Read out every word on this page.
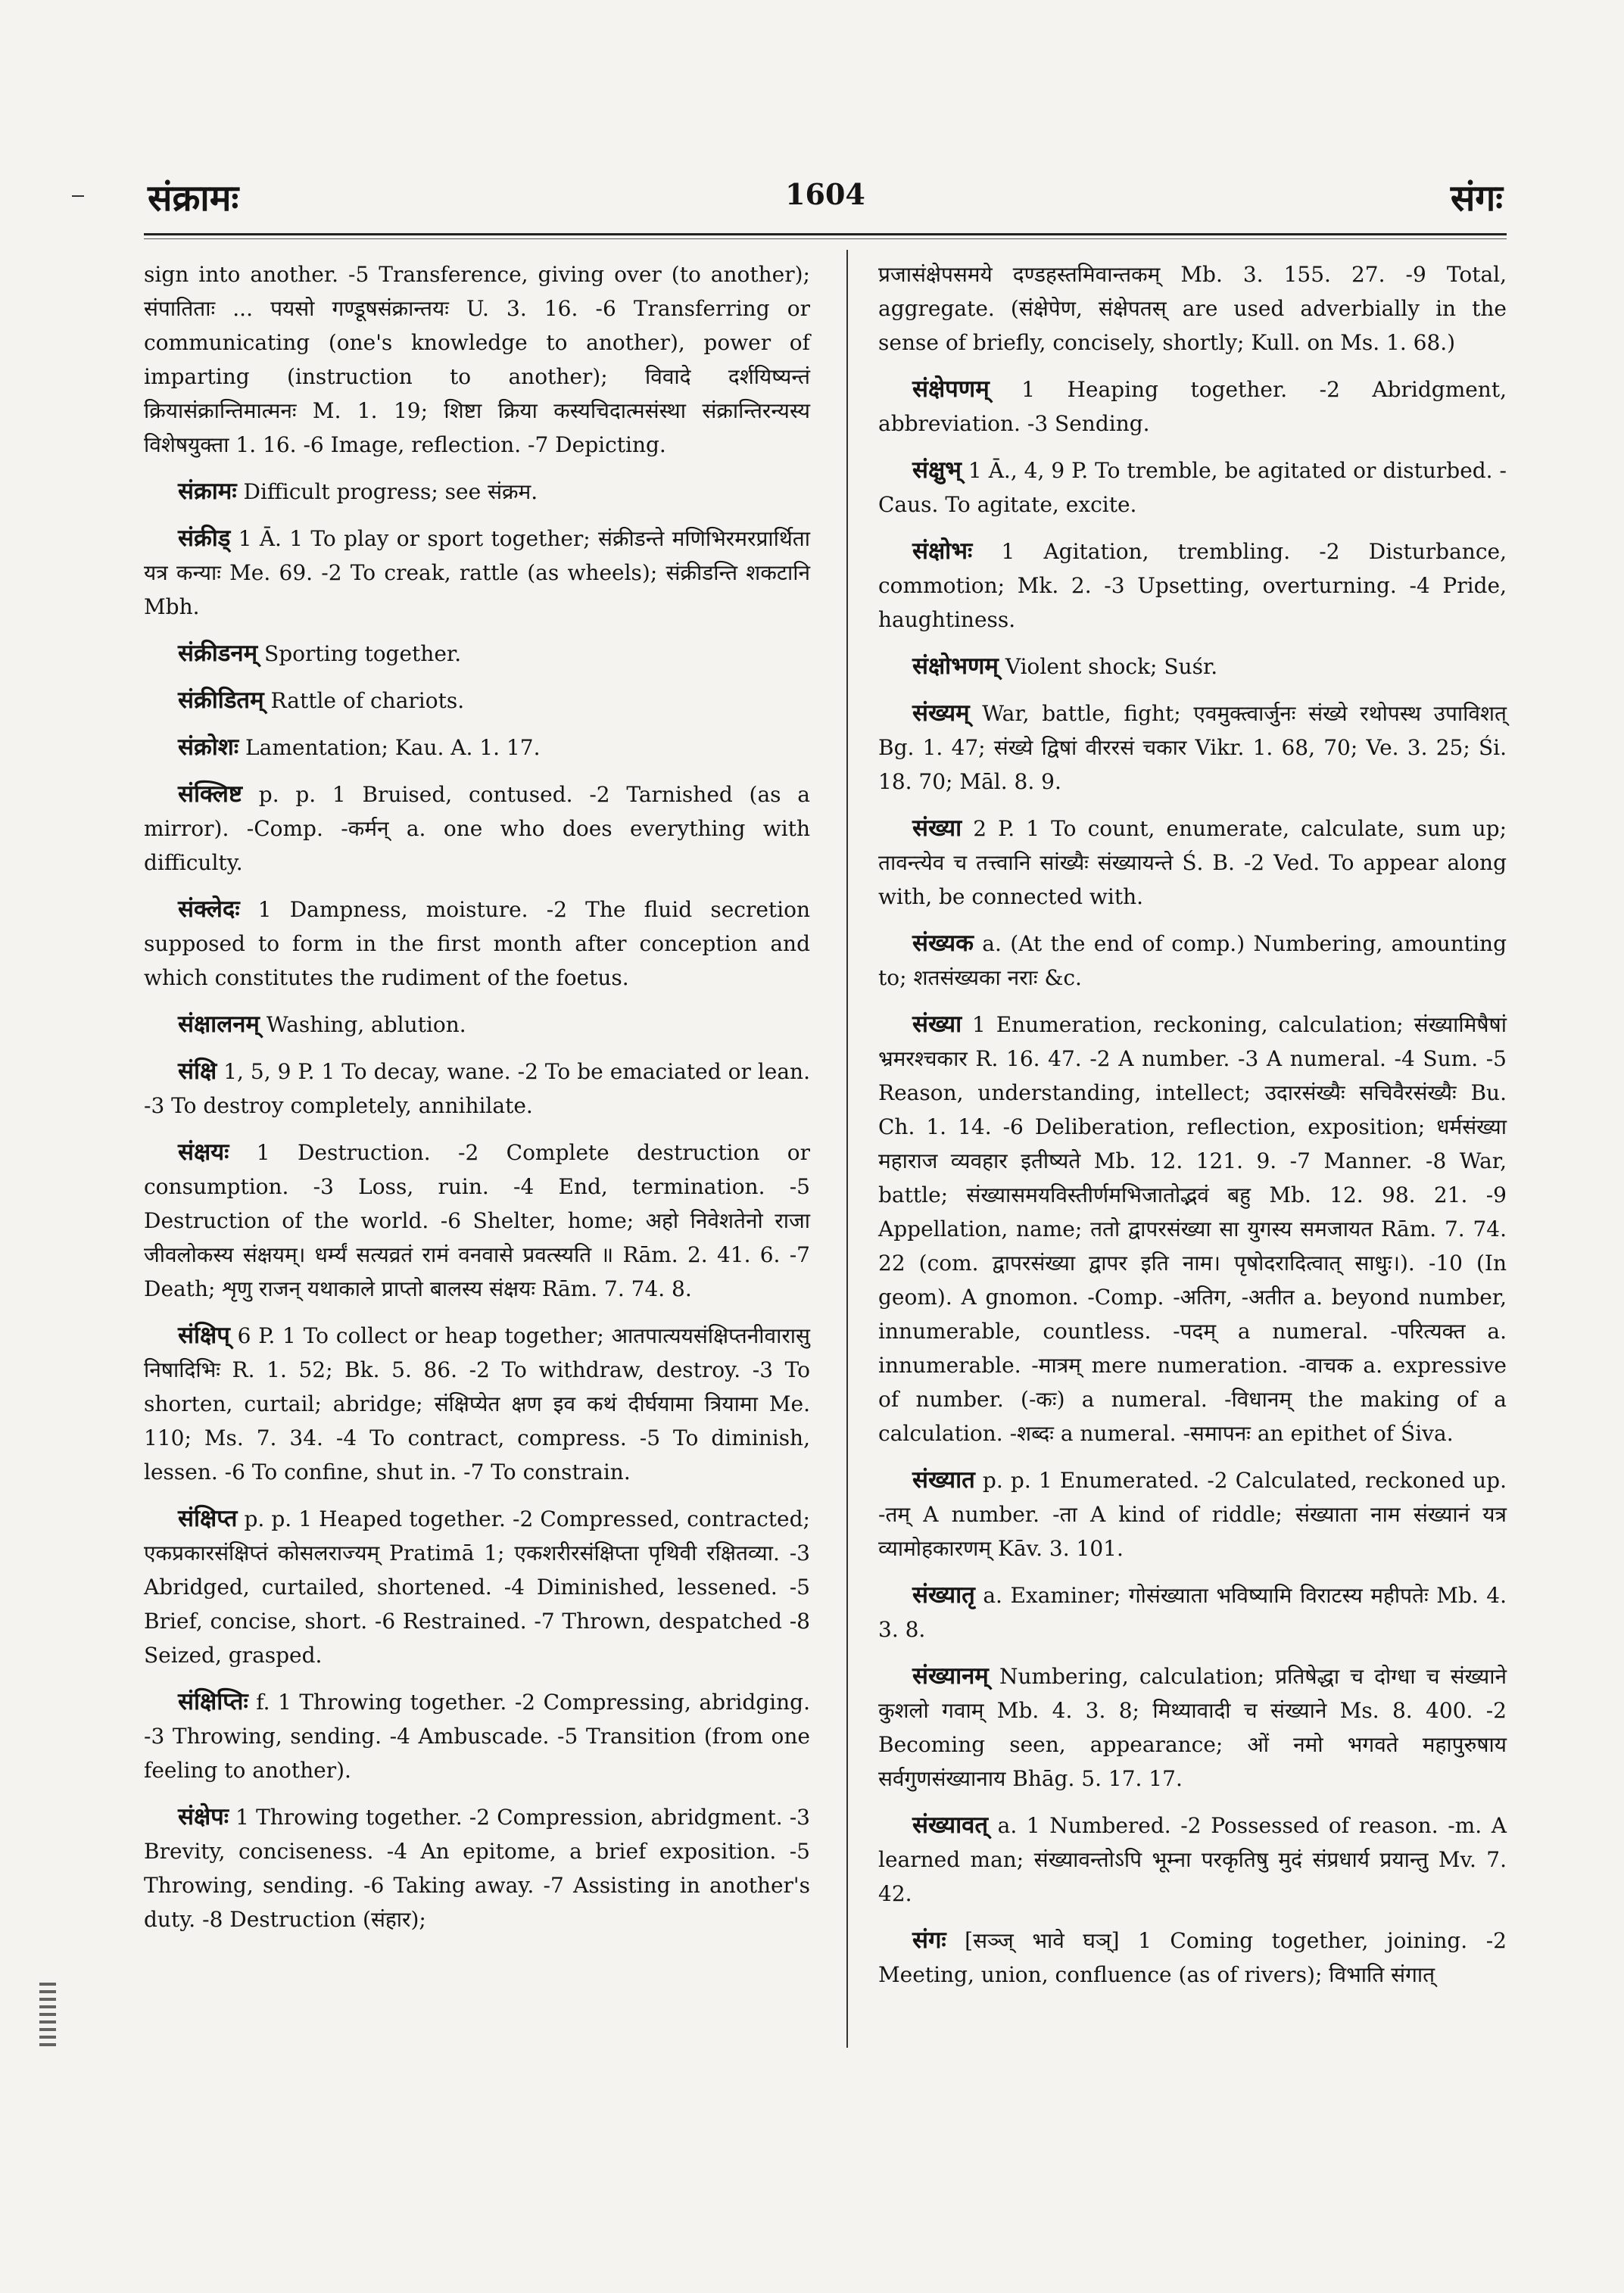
संक्रामः	1604	संगः

sign into another. -5 Transference, giving over (to another); संपातिताः ... पयसो गण्डूषसंक्रान्तयः U. 3. 16. -6 Transferring or communicating (one's knowledge to another), power of imparting (instruction to another); विवादे दर्शयिष्यन्तं क्रियासंक्रान्तिमात्मनः M. 1. 19; शिष्टा क्रिया कस्यचिदात्मसंस्था संक्रान्तिरन्यस्य विशेषयुक्ता 1. 16. -6 Image, reflection. -7 Depicting.

संक्रामः Difficult progress; see संक्रम.

संक्रीड् 1 Ā. 1 To play or sport together; संक्रीडन्ते मणिभिरमरप्रार्थिता यत्र कन्याः Me. 69. -2 To creak, rattle (as wheels); संक्रीडन्ति शकटानि Mbh.

संक्रीडनम् Sporting together.

संक्रीडितम् Rattle of chariots.

संक्रोशः Lamentation; Kau. A. 1. 17.

संक्लिष्ट p. p. 1 Bruised, contused. -2 Tarnished (as a mirror). -Comp. -कर्मन् a. one who does everything with difficulty.

संक्लेदः 1 Dampness, moisture. -2 The fluid secretion supposed to form in the first month after conception and which constitutes the rudiment of the foetus.

संक्षालनम् Washing, ablution.

संक्षि 1, 5, 9 P. 1 To decay, wane. -2 To be emaciated or lean. -3 To destroy completely, annihilate.

संक्षयः 1 Destruction. -2 Complete destruction or consumption. -3 Loss, ruin. -4 End, termination. -5 Destruction of the world. -6 Shelter, home; अहो निवेशतेनो राजा जीवलोकस्य संक्षयम्। धर्म्यं सत्यव्रतं रामं वनवासे प्रवत्स्यति ॥ Rām. 2. 41. 6. -7 Death; शृणु राजन् यथाकाले प्राप्तो बालस्य संक्षयः Rām. 7. 74. 8.

संक्षिप् 6 P. 1 To collect or heap together; आतपात्ययसंक्षिप्तनीवारासु निषादिभिः R. 1. 52; Bk. 5. 86. -2 To withdraw, destroy. -3 To shorten, curtail; abridge; संक्षिप्येत क्षण इव कथं दीर्घयामा त्रियामा Me. 110; Ms. 7. 34. -4 To contract, compress. -5 To diminish, lessen. -6 To confine, shut in. -7 To constrain.

संक्षिप्त p. p. 1 Heaped together. -2 Compressed, contracted; एकप्रकारसंक्षिप्तं कोसलराज्यम् Pratimā 1; एकशरीरसंक्षिप्ता पृथिवी रक्षितव्या. -3 Abridged, curtailed, shortened. -4 Diminished, lessened. -5 Brief, concise, short. -6 Restrained. -7 Thrown, despatched -8 Seized, grasped.

संक्षिप्तिः f. 1 Throwing together. -2 Compressing, abridging. -3 Throwing, sending. -4 Ambuscade. -5 Transition (from one feeling to another).

संक्षेपः 1 Throwing together. -2 Compression, abridgment. -3 Brevity, conciseness. -4 An epitome, a brief exposition. -5 Throwing, sending. -6 Taking away. -7 Assisting in another's duty. -8 Destruction (संहार);

प्रजासंक्षेपसमये दण्डहस्तमिवान्तकम् Mb. 3. 155. 27. -9 Total, aggregate. (संक्षेपेण, संक्षेपतस् are used adverbially in the sense of briefly, concisely, shortly; Kull. on Ms. 1. 68.)

संक्षेपणम् 1 Heaping together. -2 Abridgment, abbreviation. -3 Sending.

संक्षुभ् 1 Ā., 4, 9 P. To tremble, be agitated or disturbed. -Caus. To agitate, excite.

संक्षोभः 1 Agitation, trembling. -2 Disturbance, commotion; Mk. 2. -3 Upsetting, overturning. -4 Pride, haughtiness.

संक्षोभणम् Violent shock; Suśr.

संख्यम् War, battle, fight; एवमुक्त्वार्जुनः संख्ये रथोपस्थ उपाविशत् Bg. 1. 47; संख्ये द्विषां वीररसं चकार Vikr. 1. 68, 70; Ve. 3. 25; Śi. 18. 70; Māl. 8. 9.

संख्या 2 P. 1 To count, enumerate, calculate, sum up; तावन्त्येव च तत्त्वानि सांख्यैः संख्यायन्ते Ś. B. -2 Ved. To appear along with, be connected with.

संख्यक a. (At the end of comp.) Numbering, amounting to; शतसंख्यका नराः &c.

संख्या 1 Enumeration, reckoning, calculation; संख्यामिषैषां भ्रमरश्चकार R. 16. 47. -2 A number. -3 A numeral. -4 Sum. -5 Reason, understanding, intellect; उदारसंख्यैः सचिवैरसंख्यैः Bu. Ch. 1. 14. -6 Deliberation, reflection, exposition; धर्मसंख्या महाराज व्यवहार इतीष्यते Mb. 12. 121. 9. -7 Manner. -8 War, battle; संख्यासमयविस्तीर्णमभिजातोद्भवं बहु Mb. 12. 98. 21. -9 Appellation, name; ततो द्वापरसंख्या सा युगस्य समजायत Rām. 7. 74. 22 (com. द्वापरसंख्या द्वापर इति नाम। पृषोदरादित्वात् साधुः।). -10 (In geom). A gnomon. -Comp. -अतिग, -अतीत a. beyond number, innumerable, countless. -पदम् a numeral. -परित्यक्त a. innumerable. -मात्रम् mere numeration. -वाचक a. expressive of number. (-कः) a numeral. -विधानम् the making of a calculation. -शब्दः a numeral. -समापनः an epithet of Śiva.

संख्यात p. p. 1 Enumerated. -2 Calculated, reckoned up. -तम् A number. -ता A kind of riddle; संख्याता नाम संख्यानं यत्र व्यामोहकारणम् Kāv. 3. 101.

संख्यातृ a. Examiner; गोसंख्याता भविष्यामि विराटस्य महीपतेः Mb. 4. 3. 8.

संख्यानम् Numbering, calculation; प्रतिषेद्धा च दोग्धा च संख्याने कुशलो गवाम् Mb. 4. 3. 8; मिथ्यावादी च संख्याने Ms. 8. 400. -2 Becoming seen, appearance; ओं नमो भगवते महापुरुषाय सर्वगुणसंख्यानाय Bhāg. 5. 17. 17.

संख्यावत् a. 1 Numbered. -2 Possessed of reason. -m. A learned man; संख्यावन्तोऽपि भूम्ना परकृतिषु मुदं संप्रधार्य प्रयान्तु Mv. 7. 42.

संगः [सञ्ज् भावे घञ्] 1 Coming together, joining. -2 Meeting, union, confluence (as of rivers); विभाति संगात्
